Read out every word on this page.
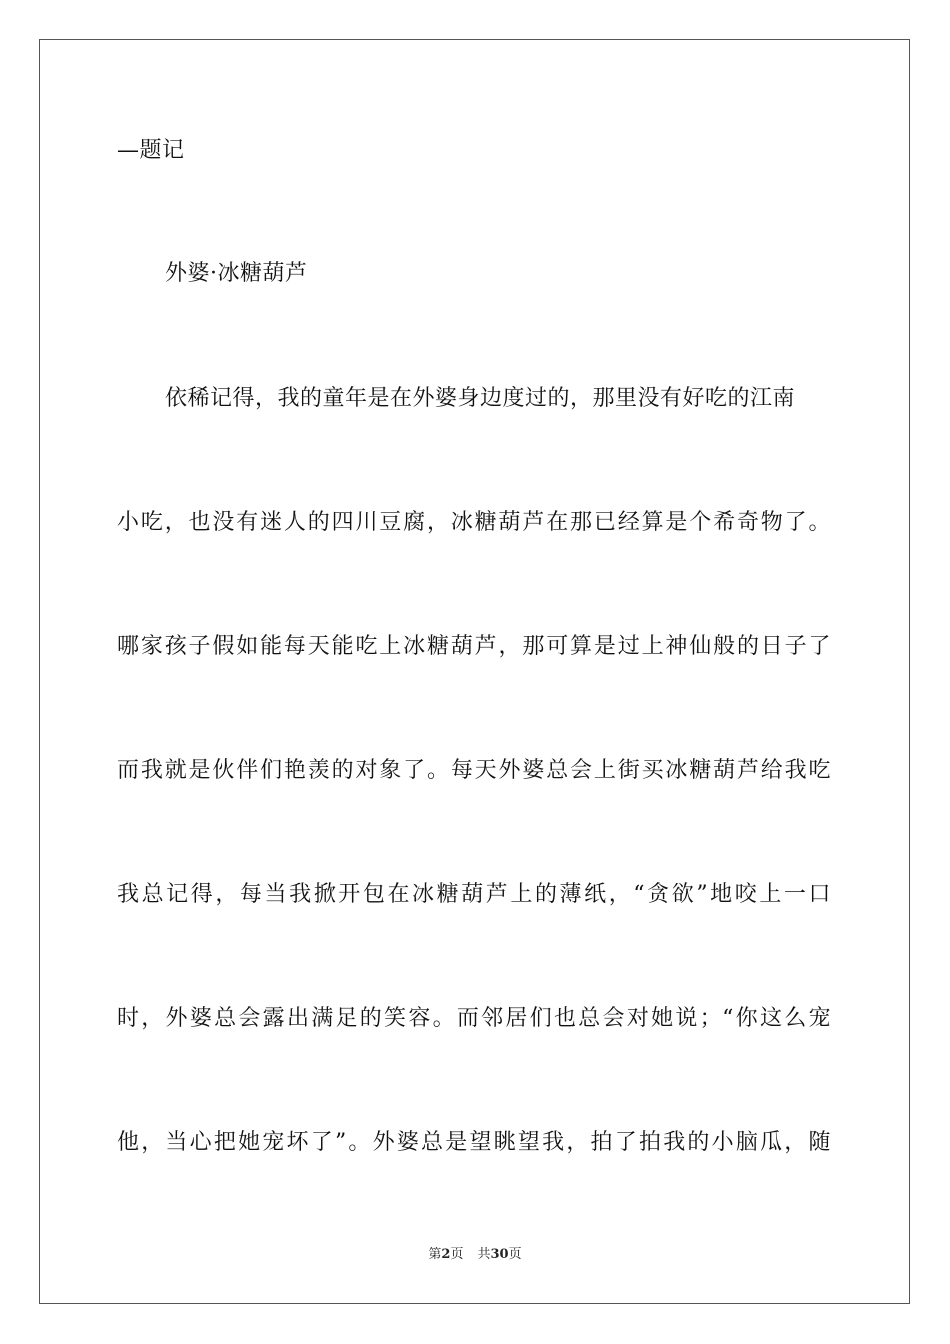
—题记
外婆·冰糖葫芦
依稀记得，我的童年是在外婆身边度过的，那里没有好吃的江南
小吃，也没有迷人的四川豆腐，冰糖葫芦在那已经算是个希奇物了。
哪家孩子假如能每天能吃上冰糖葫芦，那可算是过上神仙般的日子了
而我就是伙伴们艳羡的对象了。每天外婆总会上街买冰糖葫芦给我吃
我总记得，每当我掀开包在冰糖葫芦上的薄纸，“贪欲”地咬上一口
时，外婆总会露出满足的笑容。而邻居们也总会对她说；“你这么宠
他，当心把她宠坏了”。外婆总是望眺望我，拍了拍我的小脑瓜，随
第2页 共30页
